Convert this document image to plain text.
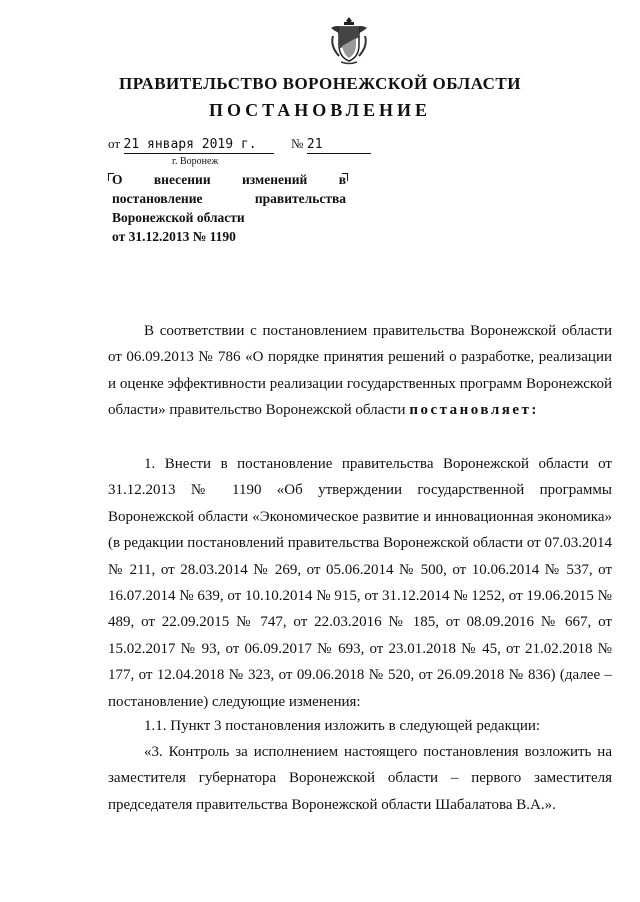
ПРАВИТЕЛЬСТВО ВОРОНЕЖСКОЙ ОБЛАСТИ
ПОСТАНОВЛЕНИЕ
от 21 января 2019 г.	№ 21
г. Воронеж
О внесении изменений в
постановление правительства
Воронежской области
от 31.12.2013 № 1190
В соответствии с постановлением правительства Воронежской области от 06.09.2013 № 786 «О порядке принятия решений о разработке, реализации и оценке эффективности реализации государственных программ Воронежской области» правительство Воронежской области постановляет:
1. Внести в постановление правительства Воронежской области от 31.12.2013 № 1190 «Об утверждении государственной программы Воронежской области «Экономическое развитие и инновационная экономика» (в редакции постановлений правительства Воронежской области от 07.03.2014 № 211, от 28.03.2014 № 269, от 05.06.2014 № 500, от 10.06.2014 № 537, от 16.07.2014 № 639, от 10.10.2014 № 915, от 31.12.2014 № 1252, от 19.06.2015 № 489, от 22.09.2015 № 747, от 22.03.2016 № 185, от 08.09.2016 № 667, от 15.02.2017 № 93, от 06.09.2017 № 693, от 23.01.2018 № 45, от 21.02.2018 № 177, от 12.04.2018 № 323, от 09.06.2018 № 520, от 26.09.2018 № 836) (далее – постановление) следующие изменения:
1.1. Пункт 3 постановления изложить в следующей редакции:
«3. Контроль за исполнением настоящего постановления возложить на заместителя губернатора Воронежской области – первого заместителя председателя правительства Воронежской области Шабалатова В.А.».
